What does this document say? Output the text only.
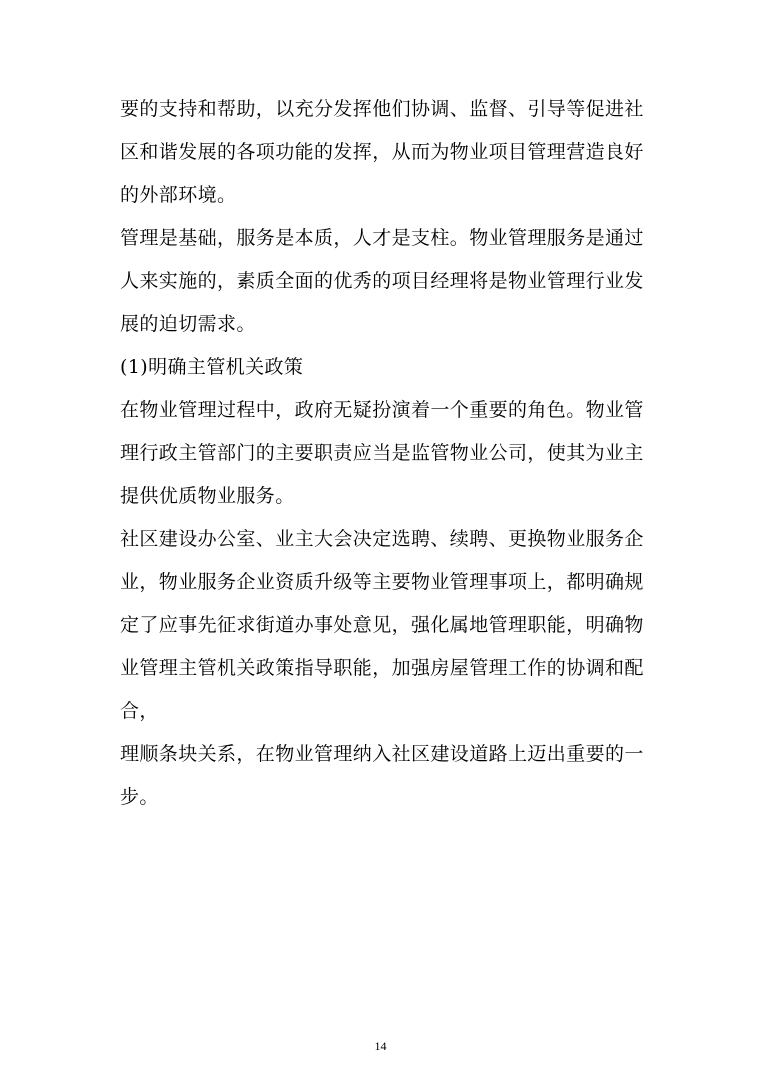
要的支持和帮助，以充分发挥他们协调、监督、引导等促进社
区和谐发展的各项功能的发挥，从而为物业项目管理营造良好
的外部环境。
管理是基础，服务是本质，人才是支柱。物业管理服务是通过
人来实施的，素质全面的优秀的项目经理将是物业管理行业发
展的迫切需求。
(1)明确主管机关政策
在物业管理过程中，政府无疑扮演着一个重要的角色。物业管
理行政主管部门的主要职责应当是监管物业公司，使其为业主
提供优质物业服务。
社区建设办公室、业主大会决定选聘、续聘、更换物业服务企
业，物业服务企业资质升级等主要物业管理事项上，都明确规
定了应事先征求街道办事处意见，强化属地管理职能，明确物
业管理主管机关政策指导职能，加强房屋管理工作的协调和配
合，
理顺条块关系，在物业管理纳入社区建设道路上迈出重要的一
步。
14
